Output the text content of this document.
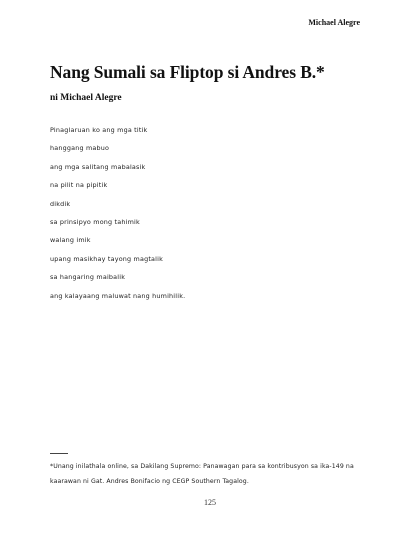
Michael Alegre
Nang Sumali sa Fliptop si Andres B.*

ni Michael Alegre

Pinaglaruan ko ang mga titik
hanggang mabuo
ang mga salitang mabalasik
na pilit na pipitik
dikdik
sa prinsipyo mong tahimik
walang imik
upang masikhay tayong magtalik
sa hangaring maibalik
ang kalayaang maluwat nang humihilik.

*Unang inilathala online, sa Dakilang Supremo: Panawagan para sa kontribusyon sa ika-149 na kaarawan ni Gat. Andres Bonifacio ng CEGP Southern Tagalog.

125
